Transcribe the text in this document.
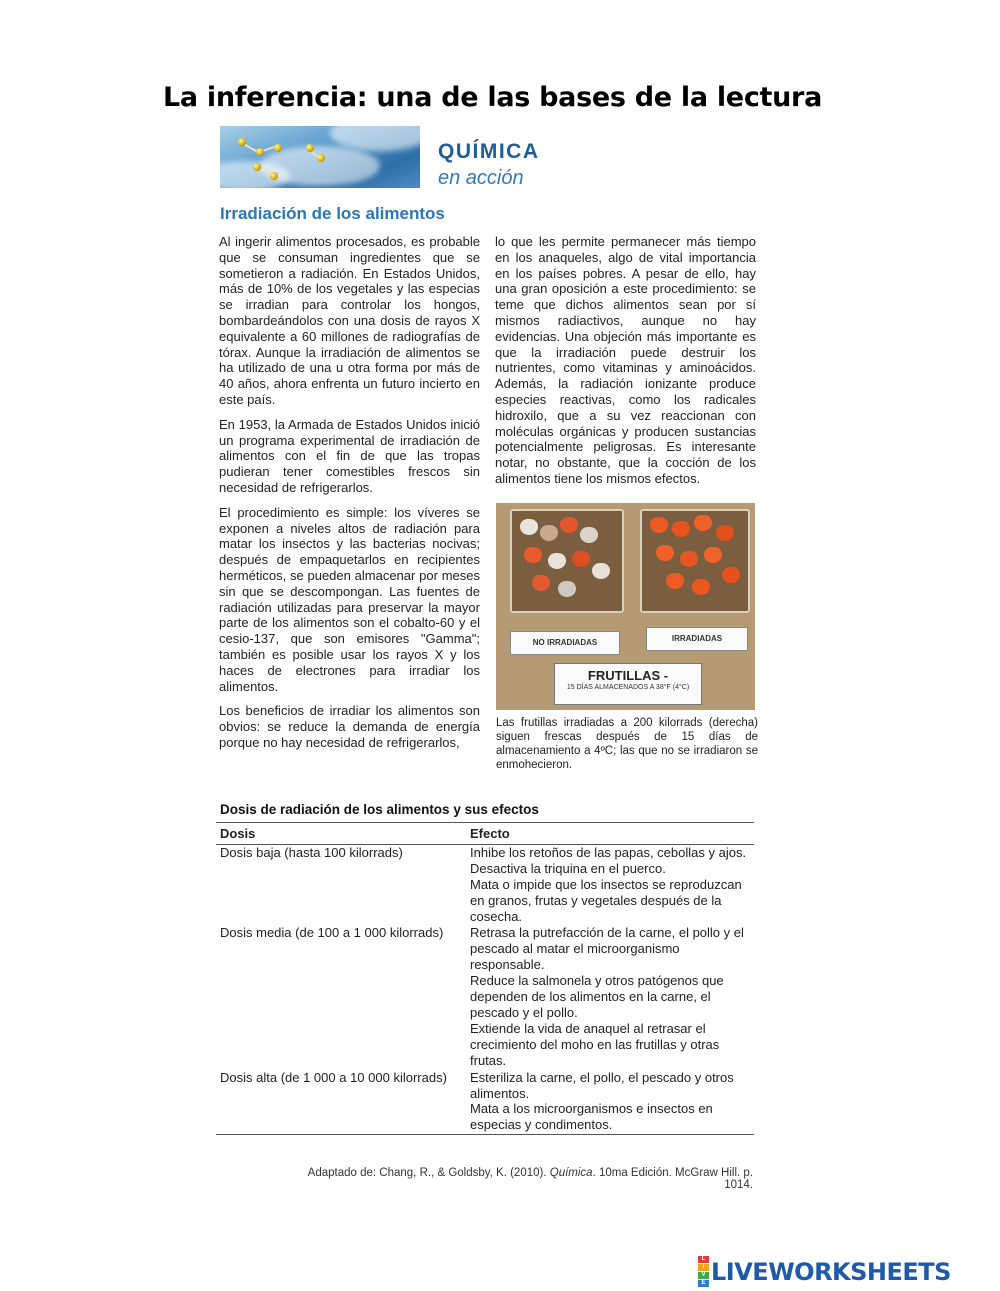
La inferencia: una de las bases de la lectura
QUÍMICA
en acción
Irradiación de los alimentos

Al ingerir alimentos procesados, es probable que se consuman ingredientes que se sometieron a radiación. En Estados Unidos, más de 10% de los vegetales y las especias se irradian para controlar los hongos, bombardeándolos con una dosis de rayos X equivalente a 60 millones de radiografías de tórax. Aunque la irradiación de alimentos se ha utilizado de una u otra forma por más de 40 años, ahora enfrenta un futuro incierto en este país.

En 1953, la Armada de Estados Unidos inició un programa experimental de irradiación de alimentos con el fin de que las tropas pudieran tener comestibles frescos sin necesidad de refrigerarlos.

El procedimiento es simple: los víveres se exponen a niveles altos de radiación para matar los insectos y las bacterias nocivas; después de empaquetarlos en recipientes herméticos, se pueden almacenar por meses sin que se descompongan. Las fuentes de radiación utilizadas para preservar la mayor parte de los alimentos son el cobalto-60 y el cesio-137, que son emisores "Gamma"; también es posible usar los rayos X y los haces de electrones para irradiar los alimentos.

Los beneficios de irradiar los alimentos son obvios: se reduce la demanda de energía porque no hay necesidad de refrigerarlos,

lo que les permite permanecer más tiempo en los anaqueles, algo de vital importancia en los países pobres. A pesar de ello, hay una gran oposición a este procedimiento: se teme que dichos alimentos sean por sí mismos radiactivos, aunque no hay evidencias. Una objeción más importante es que la irradiación puede destruir los nutrientes, como vitaminas y aminoácidos. Además, la radiación ionizante produce especies reactivas, como los radicales hidroxilo, que a su vez reaccionan con moléculas orgánicas y producen sustancias potencialmente peligrosas. Es interesante notar, no obstante, que la cocción de los alimentos tiene los mismos efectos.

NO IRRADIADAS	IRRADIADAS
FRUTILLAS -
15 DÍAS ALMACENADOS A 38°F (4°C)
Las frutillas irradiadas a 200 kilorrads (derecha) siguen frescas después de 15 días de almacenamiento a 4ºC; las que no se irradiaron se enmohecieron.
Dosis de radiación de los alimentos y sus efectos
Dosis	Efecto
Dosis baja (hasta 100 kilorrads)	Inhibe los retoños de las papas, cebollas y ajos.
Desactiva la triquina en el puerco.
Mata o impide que los insectos se reproduzcan en granos, frutas y vegetales después de la cosecha.

Dosis media (de 100 a 1 000 kilorrads)	Retrasa la putrefacción de la carne, el pollo y el pescado al matar el microorganismo responsable.
Reduce la salmonela y otros patógenos que dependen de los alimentos en la carne, el pescado y el pollo.
Extiende la vida de anaquel al retrasar el crecimiento del moho en las frutillas y otras frutas.

Dosis alta (de 1 000 a 10 000 kilorrads)	Esteriliza la carne, el pollo, el pescado y otros alimentos.
Mata a los microorganismos e insectos en especias y condimentos.
Adaptado de: Chang, R., & Goldsby, K. (2010). Química. 10ma Edición. McGraw Hill. p. 1014.
L
I
V
E LIVEWORKSHEETS
